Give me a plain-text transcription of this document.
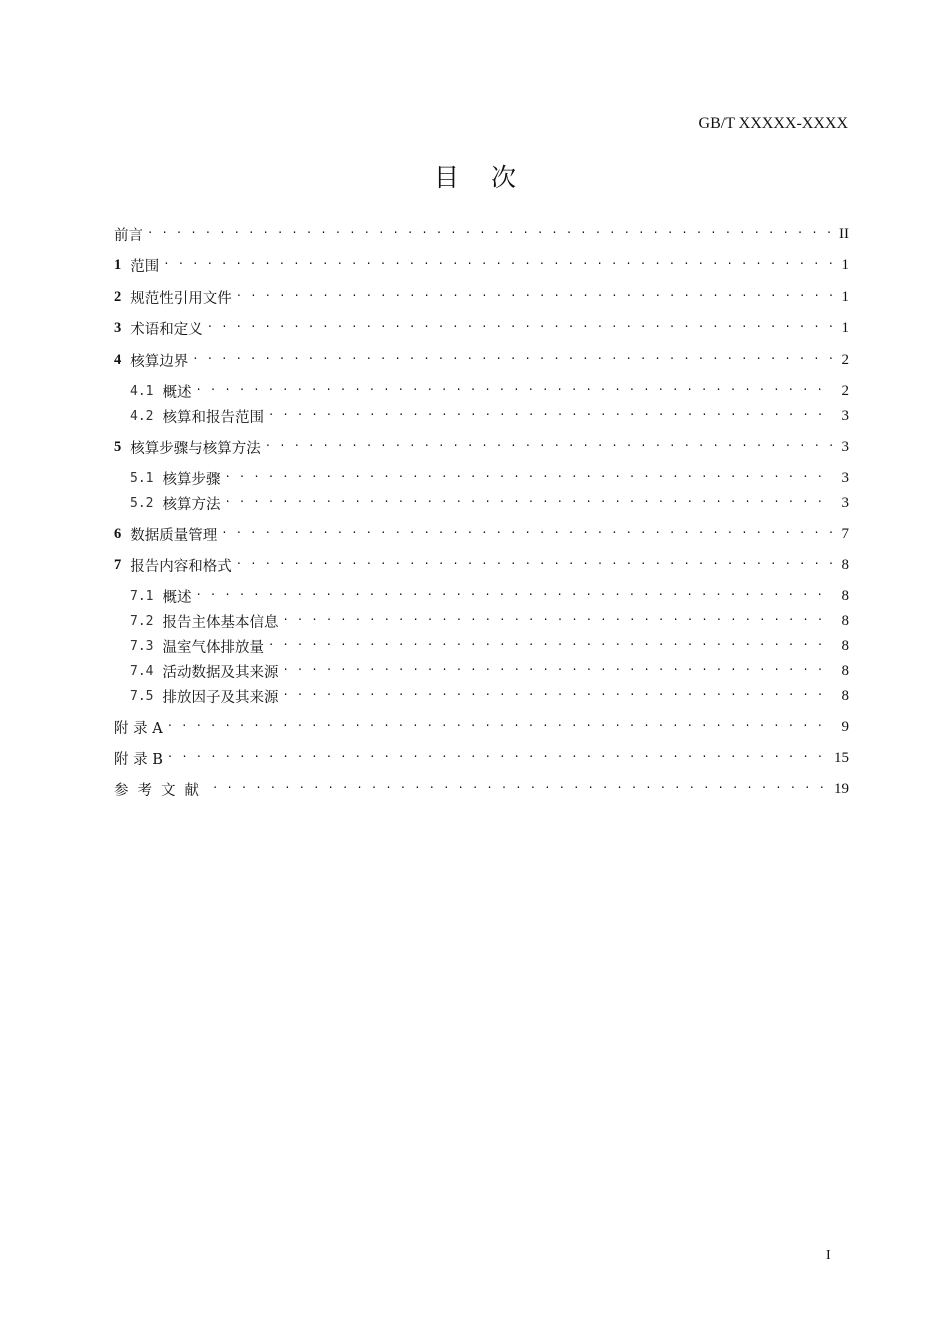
GB/T XXXXX-XXXX
目 次
前言 . . .	II
1 范围 . . .	1
2 规范性引用文件 . . .	1
3 术语和定义 . . .	1
4 核算边界 . . .	2
4.1 概述 . . .	2
4.2 核算和报告范围 . . .	3
5 核算步骤与核算方法 . . .	3
5.1 核算步骤 . . .	3
5.2 核算方法 . . .	3
6 数据质量管理 . . .	7
7 报告内容和格式 . . .	8
7.1 概述 . . .	8
7.2 报告主体基本信息 . . .	8
7.3 温室气体排放量 . . .	8
7.4 活动数据及其来源 . . .	8
7.5 排放因子及其来源 . . .	8
附 录 A . . .	9
附 录 B . . .	15
参考文献 . . .	19
I
